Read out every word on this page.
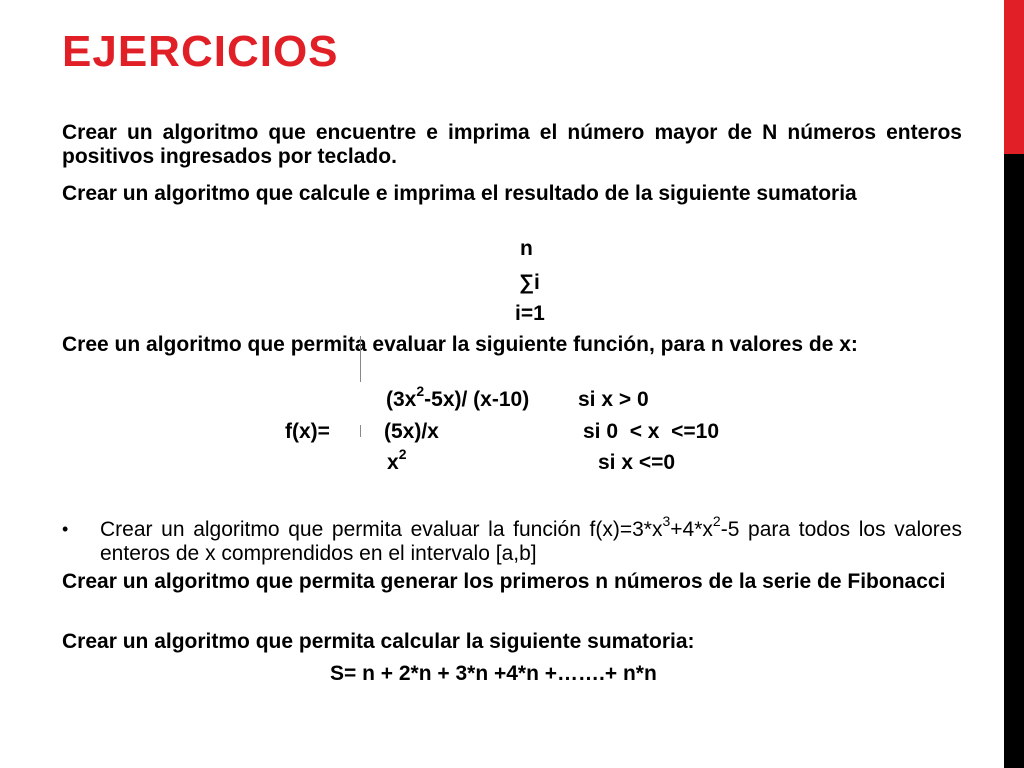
EJERCICIOS
Crear un algoritmo que encuentre e imprima el número mayor de N números enteros positivos ingresados por teclado.
Crear un algoritmo que calcule e imprima el resultado de la siguiente sumatoria
n
∑i
i=1
Cree un algoritmo que permita evaluar la siguiente función, para n valores de x:
$(3x^2-5x)/$ (x-10) si x > 0
f(x)=	(5x)/x	si 0  < x  <=10
$x^2$	si x <=0
• Crear un algoritmo que permita evaluar la función $f(x)=3*x^3+4*x^2-5$ para todos los valores enteros de x comprendidos en el intervalo [a,b]
Crear un algoritmo que permita generar los primeros n números de la serie de Fibonacci
Crear un algoritmo que permita calcular la siguiente sumatoria:
S= n + 2*n + 3*n +4*n +…….+ n*n
